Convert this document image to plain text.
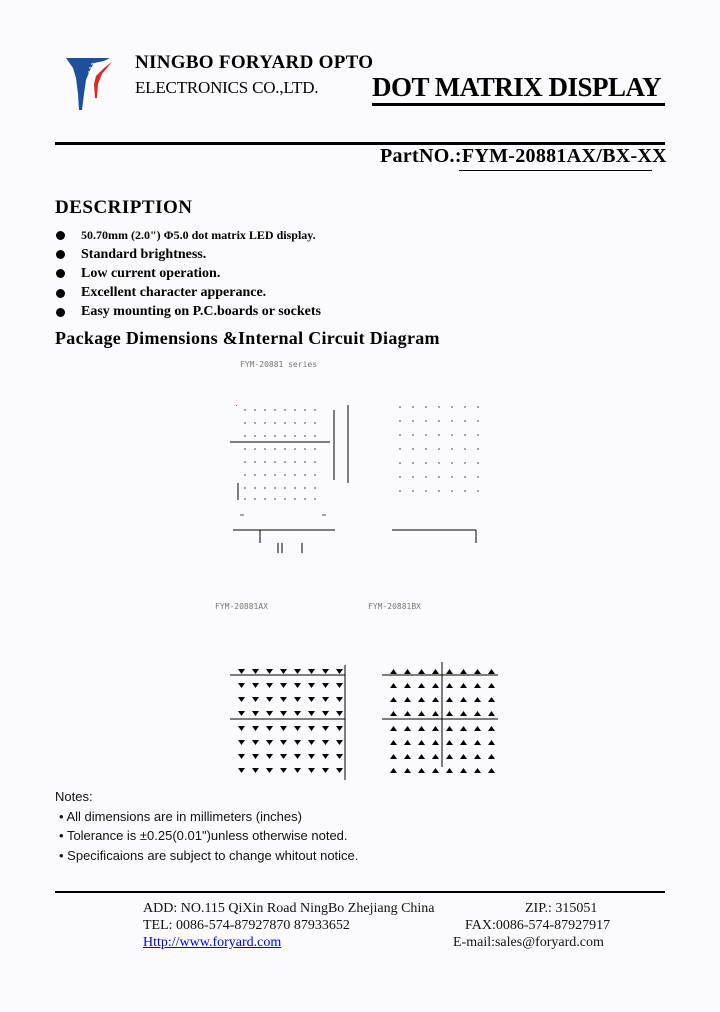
NINGBO FORYARD OPTO
ELECTRONICS CO.,LTD. DOT MATRIX DISPLAY
PartNO.:FYM-20881AX/BX-XX
DESCRIPTION
50.70mm (2.0") Φ5.0 dot matrix LED display.
Standard brightness.
Low current operation.
Excellent character apperance.
Easy mounting on P.C.boards or sockets
Package Dimensions &Internal Circuit Diagram
FYM-20881 series
FYM-20881AX	FYM-20881BX
Notes:
• All dimensions are in millimeters (inches)
• Tolerance is ±0.25(0.01")unless otherwise noted.
• Specificaions are subject to change whitout notice.
ADD: NO.115 QiXin Road NingBo Zhejiang China	ZIP.: 315051
TEL: 0086-574-87927870 87933652	FAX:0086-574-87927917
Http://www.foryard.com	E-mail:sales@foryard.com
